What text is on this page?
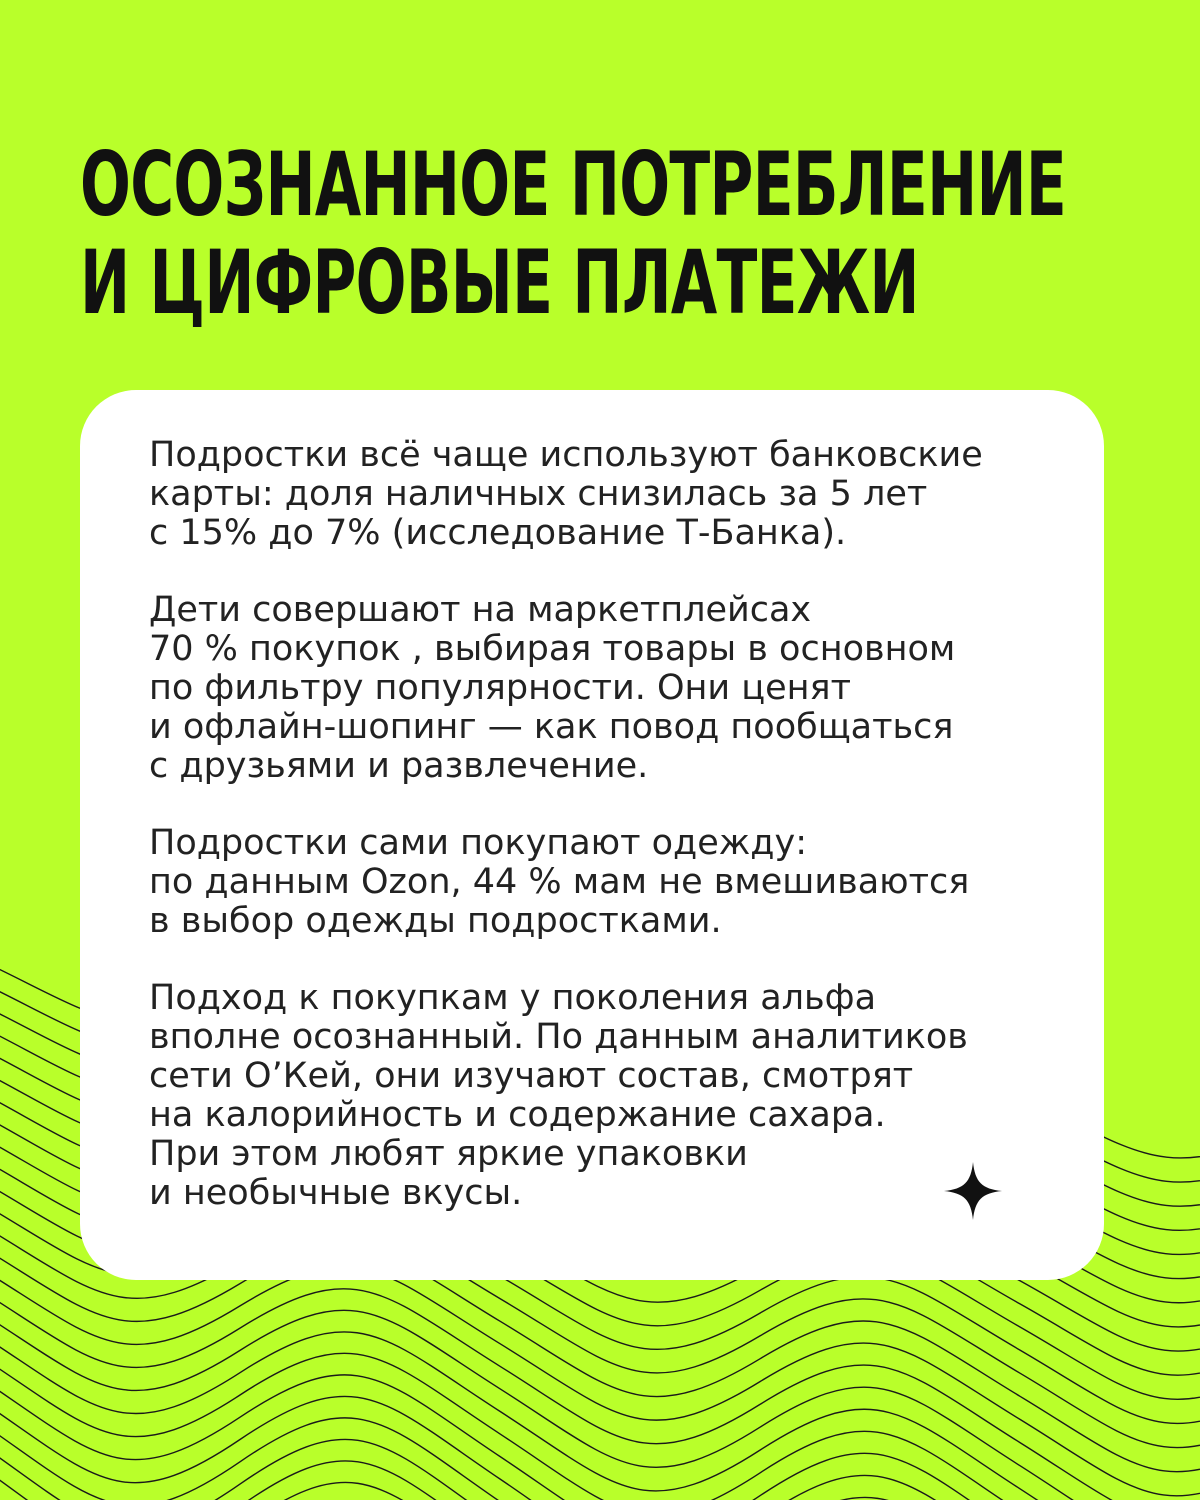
ОСОЗНАННОЕ ПОТРЕБЛЕНИЕ
И ЦИФРОВЫЕ ПЛАТЕЖИ

Подростки всё чаще используют банковские
карты: доля наличных снизилась за 5 лет
с 15% до 7% (исследование Т-Банка).

Дети совершают на маркетплейсах
70 % покупок , выбирая товары в основном
по фильтру популярности. Они ценят
и офлайн-шопинг — как повод пообщаться
с друзьями и развлечение.

Подростки сами покупают одежду:
по данным Ozon, 44 % мам не вмешиваются
в выбор одежды подростками.

Подход к покупкам у поколения альфа
вполне осознанный. По данным аналитиков
сети О’Кей, они изучают состав, смотрят
на калорийность и содержание сахара.
При этом любят яркие упаковки
и необычные вкусы.
